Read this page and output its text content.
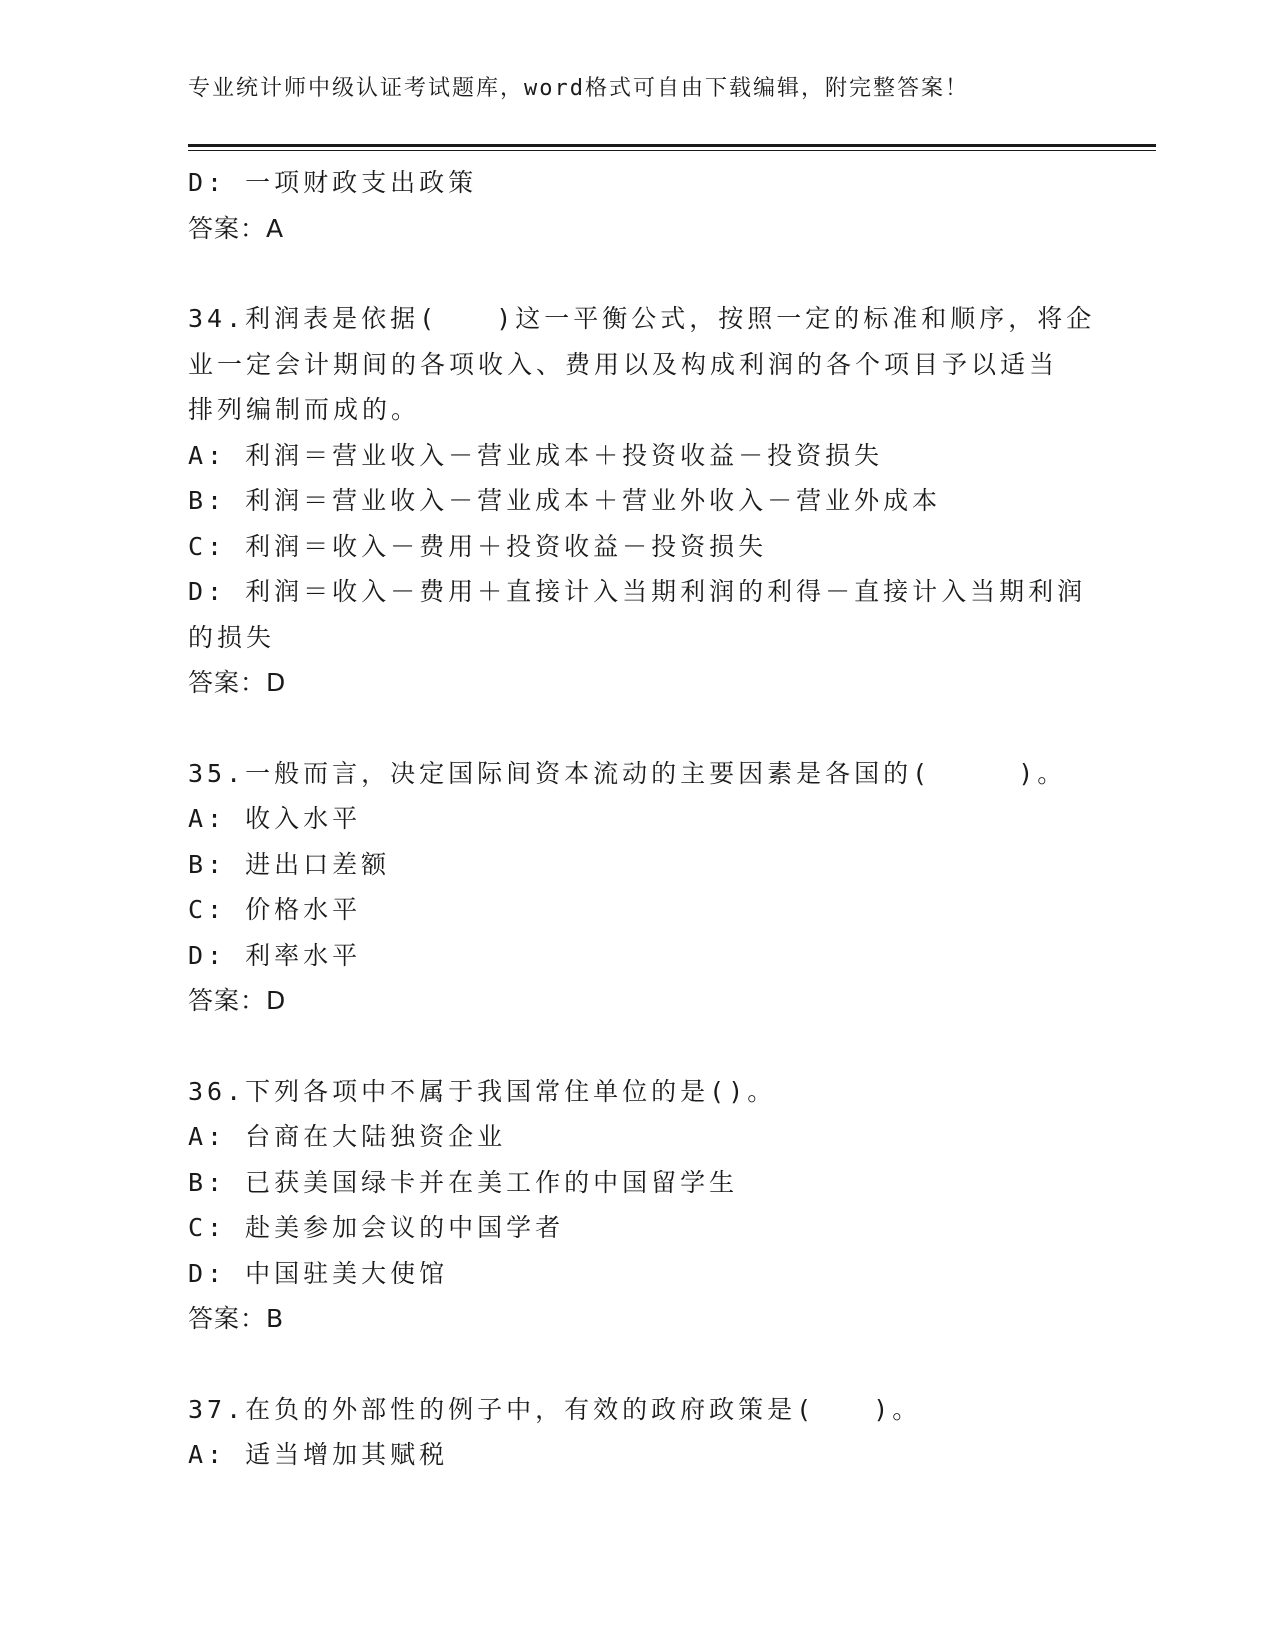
专业统计师中级认证考试题库，word格式可自由下载编辑，附完整答案！
D: 一项财政支出政策
答案：A
34.利润表是依据(　　)这一平衡公式，按照一定的标准和顺序，将企
业一定会计期间的各项收入、费用以及构成利润的各个项目予以适当
排列编制而成的。
A: 利润＝营业收入－营业成本＋投资收益－投资损失
B: 利润＝营业收入－营业成本＋营业外收入－营业外成本
C: 利润＝收入－费用＋投资收益－投资损失
D: 利润＝收入－费用＋直接计入当期利润的利得－直接计入当期利润
的损失
答案：D
35.一般而言，决定国际间资本流动的主要因素是各国的(　　　)。
A: 收入水平
B: 进出口差额
C: 价格水平
D: 利率水平
答案：D
36.下列各项中不属于我国常住单位的是()。
A: 台商在大陆独资企业
B: 已获美国绿卡并在美工作的中国留学生
C: 赴美参加会议的中国学者
D: 中国驻美大使馆
答案：B
37.在负的外部性的例子中，有效的政府政策是(　　)。
A: 适当增加其赋税
